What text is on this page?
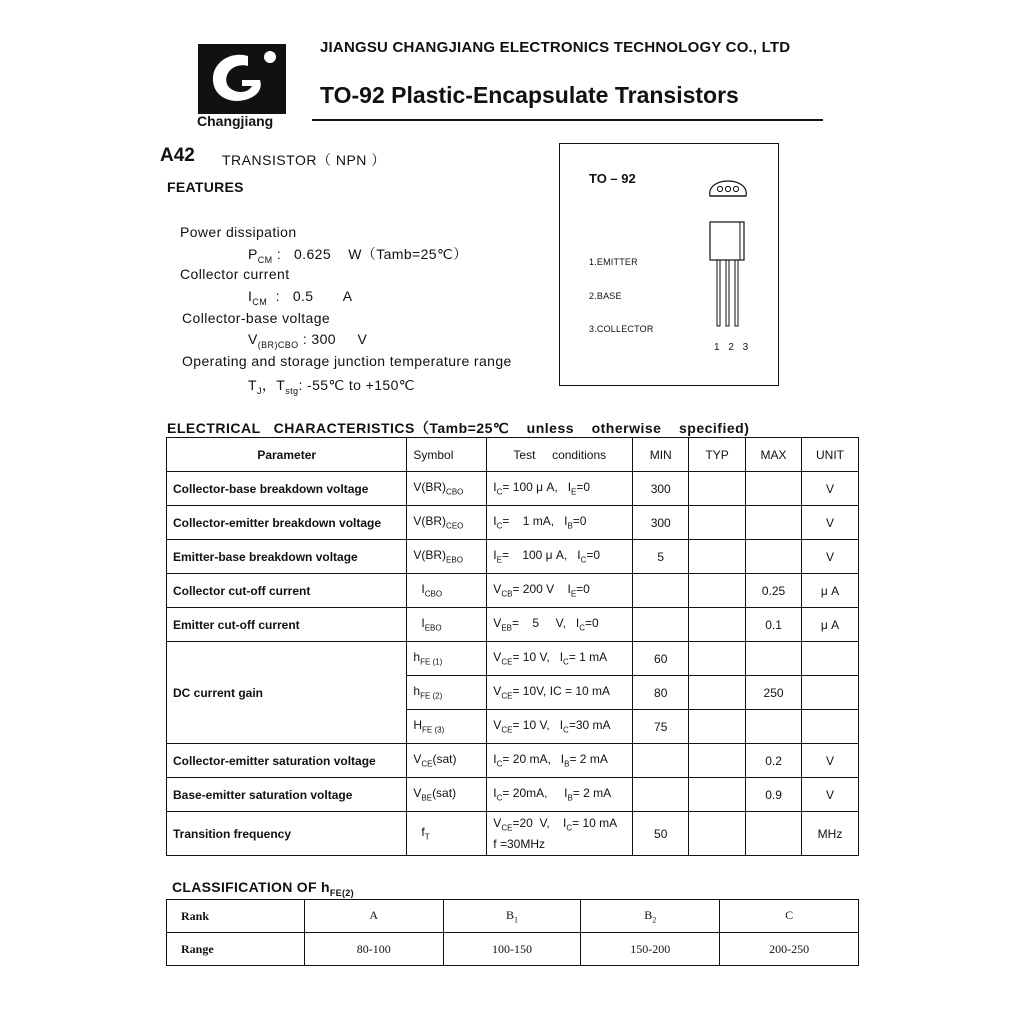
Changjiang
JIANGSU CHANGJIANG ELECTRONICS TECHNOLOGY CO., LTD
TO-92 Plastic-Encapsulate Transistors
A42 TRANSISTOR（ NPN ）
FEATURES
Power dissipation
$P_{CM}$ :   0.625    W（Tamb=25℃）
Collector current
$I_{CM}$  :   0.5       A
Collector-base voltage
$V_{(BR)CBO}$ : 300     V
Operating and storage junction temperature range
$T_J$，$T_{stg}$: -55℃ to +150℃
TO – 92
1.EMITTER
2.BASE
3.COLLECTOR
1 2 3
ELECTRICAL   CHARACTERISTICS（Tamb=25℃    unless    otherwise    specified)
Parameter	Symbol	Test     conditions	MIN	TYP	MAX	UNIT
Collector-base breakdown voltage	$V(BR)_{CBO}$	$I_C= 100$ μ A,   $I_E=0$	300			V
Collector-emitter breakdown voltage	$V(BR)_{CEO}$	$I_C=$    1 mA,   $I_B=0$	300			V
Emitter-base breakdown voltage	$V(BR)_{EBO}$	$I_E=$    100 μ A,   $I_C=0$	5			V
Collector cut-off current	$I_{CBO}$	$V_{CB}= 200$ V    $I_E=0$			0.25	μ A
Emitter cut-off current	$I_{EBO}$	$V_{EB}=$    5     V,   $I_C=0$			0.1	μ A
DC current gain	$h_{FE (1)}$	$V_{CE}= 10$ V,   $I_C= 1$ mA	60			
	$h_{FE (2)}$	$V_{CE}= 10V$, IC = 10 mA	80		250	
	$H_{FE (3)}$	$V_{CE}= 10$ V,   $I_C=30$ mA	75			
Collector-emitter saturation voltage	$V_{CE}(sat)$	$I_C= 20$ mA,   $I_B= 2$ mA			0.2	V
Base-emitter saturation voltage	$V_{BE}(sat)$	$I_C= 20mA$,     $I_B= 2$ mA			0.9	V
Transition frequency	$f_T$	$V_{CE}=20$  V,    $I_C= 10$ mA
f =30MHz	50			MHz
CLASSIFICATION OF $h_{FE(2)}$
Rank	A	$B_1$	$B_2$	C
Range	80-100	100-150	150-200	200-250
